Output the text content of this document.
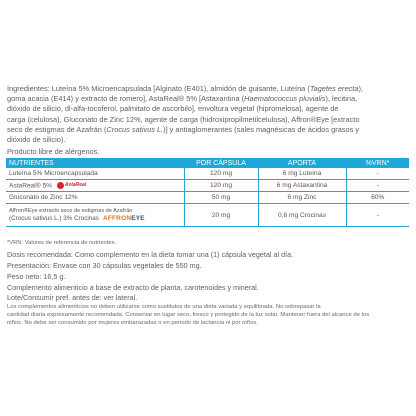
Ingredientes: Luteína 5% Microencapsulada [Alginato (E401), almidón de guisante, Luteína (Tagetes erecta),
goma acacia (E414) y extracto de romero], AstaReal® 5% [Astaxantina (Haematococcus pluvialis), lecitina,
dióxido de silicio, dl-alfa-tocoferol, palmitato de ascorbilo], envoltura vegetal (hipromelosa), agente de
carga (celulosa), Gluconato de Zinc 12%, agente de carga (hidroxipropilmetilcelulosa), Affron®Eye [extracto
seco de estigmas de Azafrán (Crocus sativus L.)] y antiaglomerantes (sales magnésicas de ácidos grasos y
dióxido de silicio).
Producto libre de alérgenos.
NUTRIENTES	POR CÁPSULA	APORTA	%VRN*
Luteína 5% Microencapsulada	120 mg	6 mg Luteína	-
AstaReal® 5% AstaReal	120 mg	6 mg Astaxantina	-
Gluconato de Zinc 12%	50 mg	6 mg Zinc	60%

Affron®Eye extracto seco de estigmas de Azafrán
(Crocus sativus L.) 3% Crocinas AFFRONEYE	20 mg	0,6 mg Crocinas	-
*VRN: Valores de referencia de nutrientes.
Dosis recomendada: Como complemento en la dieta tomar una (1) cápsula vegetal al día.
Presentación: Envase con 30 cápsulas vegetales de 550 mg.
Peso neto: 16,5 g.
Complemento alimenticio a base de extracto de planta, carotenoides y mineral.
Lote/Consumir pref. antes de: ver lateral.
Los complementos alimenticios no deben utilizarse como sustitutos de una dieta variada y equilibrada. No sobrepasar la
cantidad diaria expresamente recomendada. Conservar en lugar seco, fresco y protegido de la luz solar. Mantener fuera del alcance de los
niños. No debe ser consumido por mujeres embarazadas o en periodo de lactancia ni por niños.
